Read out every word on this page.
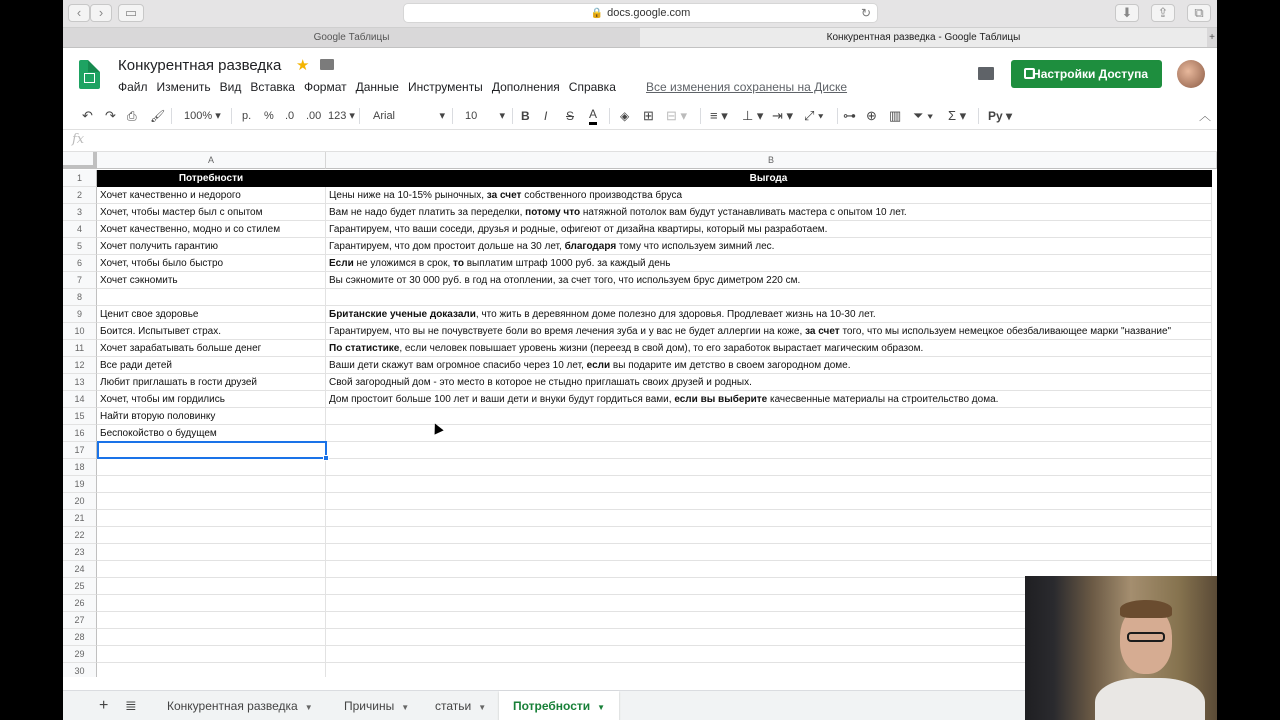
‹	›	▭	🔒 docs.google.com	↻	⬇	⇪	⧉
Google Таблицы	Конкурентная разведка - Google Таблицы	+
Конкурентная разведка ★
Файл Изменить Вид Вставка Формат Данные Инструменты Дополнения Справка	Все изменения сохранены на Диске
Настройки Доступа
↶ ↷ ⎙ 🖌 100% ▾ р. % .0 .00 123 ▾ Arial	▾ 10 ▾ B I S A ◈ ⊞ ⊟ ▾ ≡ ▾ ⊥ ▾ ⇥ ▾ ⤢ ▾ ⊶ ⊕ ▥ ⏷ ▾ Σ ▾ Py ▾	︿
fx
A	B
1	Потребности	Выгода
2	Хочет качественно и недорого	Цены ниже на 10-15% рыночных, за счет собственного производства бруса
3	Хочет, чтобы мастер был с опытом	Вам не надо будет платить за переделки, потому что натяжной потолок вам будут устанавливать мастера с опытом 10 лет.
4	Хочет качественно, модно и со стилем	Гарантируем, что ваши соседи, друзья и родные, офигеют от дизайна квартиры, который мы разработаем.
5	Хочет получить гарантию	Гарантируем, что дом простоит дольше на 30 лет, благодаря тому что используем зимний лес.
6	Хочет, чтобы было быстро	Если не уложимся в срок, то выплатим штраф 1000 руб. за каждый день
7	Хочет сэкномить	Вы сэкномите от 30 000 руб. в год на отоплении, за счет того, что используем брус диметром 220 см.
8
9	Ценит свое здоровье	Британские ученые доказали, что жить в деревянном доме полезно для здоровья. Продлевает жизнь на 10-30 лет.
10	Боится. Испытывет страх.	Гарантируем, что вы не почувствуете боли во время лечения зуба и у вас не будет аллергии на коже, за счет того, что мы используем немецкое обезбаливающее марки "название"
11	Хочет зарабатывать больше денег	По статистике, если человек повышает уровень жизни (переезд в свой дом), то его заработок вырастает магическим образом.
12	Все ради детей	Ваши дети скажут вам огромное спасибо через 10 лет, если вы подарите им детство в своем загородном доме.
13	Любит приглашать в гости друзей	Свой загородный дом - это место в которое не стыдно приглашать своих друзей и родных.
14	Хочет, чтобы им гордились	Дом простоит больше 100 лет и ваши дети и внуки будут гордиться вами, если вы выберите качесвенные материалы на строительство дома.
15	Найти вторую половинку
16	Беспокойство о будущем
17
18
19
20
21
22
23
24
25
26
27
28
29
30
+ ≣	Конкурентная разведка ▼	Причины ▼	статьи ▼	Потребности ▼
